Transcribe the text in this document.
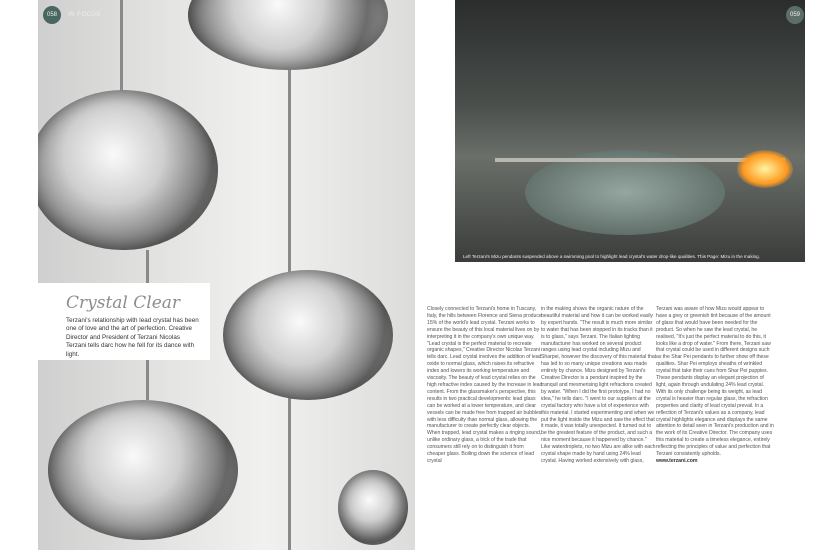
058	IN FOCUS
Crystal Clear

Terzani's relationship with lead crystal has been one of love and the art of perfection. Creative Director and President of Terzani Nicolas Terzani tells darc how he fell for its dance with light.

Left Terzani's Mizu pendants suspended above a swimming pool to highlight lead crystal's water drop-like qualities. This Page: Mizu in the making.
059
Closely connected to Terzani's home in Tuscany, Italy, the hills between Florence and Siena produce 15% of the world's lead crystal. Terzani works to ensure the beauty of this local material lives on by interpreting it in the company's own unique way. "Lead crystal is the perfect material to recreate organic shapes," Creative Director Nicolas Terzani tells darc. Lead crystal involves the addition of lead oxide to normal glass, which raises its refractive index and lowers its working temperature and viscosity. The beauty of lead crystal relies on the high refractive index caused by the increase in lead content. From the glassmaker's perspective, this results in two practical developments: lead glass can be worked at a lower temperature, and clear vessels can be made free from trapped air bubbles with less difficulty than normal glass, allowing the manufacturer to create perfectly clear objects. When trapped, lead crystal makes a ringing sound, unlike ordinary glass, a trick of the trade that consumers still rely on to distinguish it from cheaper glass. Boiling down the science of lead crystal
in the making shows the organic nature of the beautiful material and how it can be worked easily by expert hands. "The result is much more similar to water that has been stopped in its tracks than it is to glass," says Terzani. The Italian lighting manufacturer has worked on several product ranges using lead crystal including Mizu and Sharpei, however the discovery of this material that has led to so many unique creations was made entirely by chance. Mizu designed by Terzani's Creative Director is a pendant inspired by the tranquil and mesmerising light refractions created by water. "When I did the first prototype, I had no idea," he tells darc. "I went to our suppliers at the crystal factory who have a lot of experience with this material. I started experimenting and when we put the light inside the Mizu and saw the effect that it made, it was totally unexpected. It turned out to be the greatest feature of the product, and such a nice moment because it happened by chance." Like waterdroplets, no two Mizu are alike with each crystal shape made by hand using 24% lead crystal. Having worked extensively with glass,
Terzani was aware of how Mizu would appear to have a grey or greenish tint because of the amount of glass that would have been needed for the product. So when he saw the lead crystal, he realised, "It's just the perfect material to do this, it looks like a drop of water." From there, Terzani saw that crystal could be used in different designs such as the Shar Pei pendants to further show off these qualities. Shar Pei employs sheaths of wrinkled crystal that take their cues from Shar Pei puppies. These pendants display an elegant projection of light, again through undulating 24% lead crystal. With its only challenge being its weight, as lead crystal is heavier than regular glass, the refraction properties and clarity of lead crystal prevail. In a reflection of Terzani's values as a company, lead crystal highlights elegance and displays the same attention to detail seen in Terzani's production and in the work of its Creative Director. The company uses this material to create a timeless elegance, entirely reflecting the principles of value and perfection that Terzani consistently upholds.
www.terzani.com
